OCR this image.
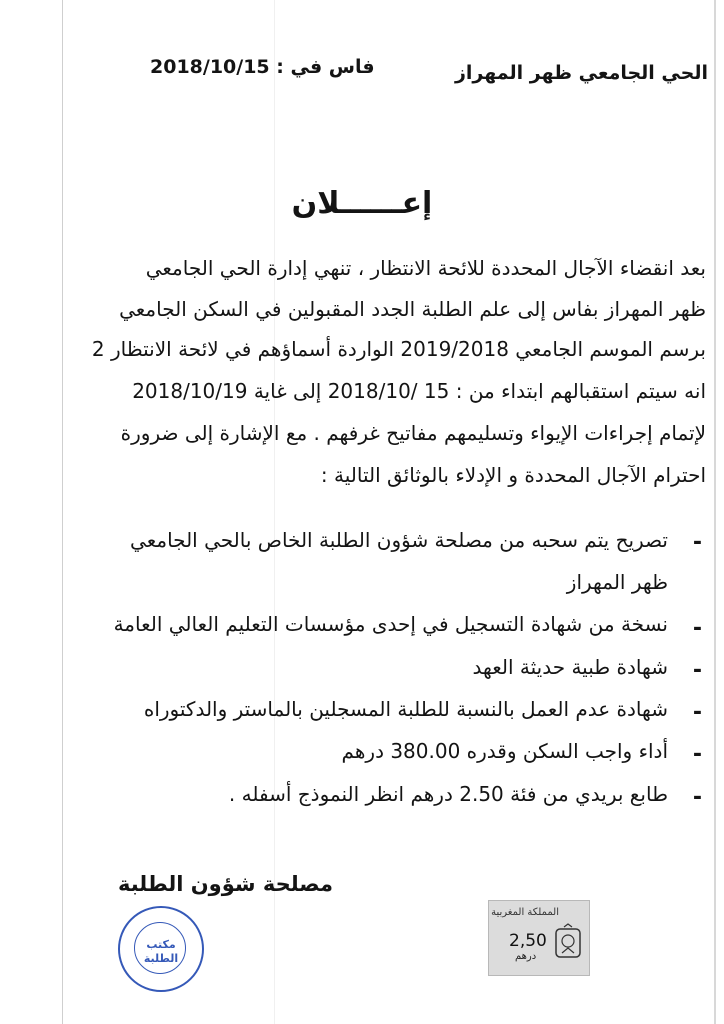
الحي الجامعي ظهر المهراز
فاس في : 2018/10/15
إعــــــلان
بعد انقضاء الآجال المحددة للائحة الانتظار ، تنهي إدارة الحي الجامعي
ظهر المهراز بفاس إلى علم الطلبة الجدد المقبولين في السكن الجامعي
برسم الموسم الجامعي 2019/2018 الواردة أسماؤهم في لائحة الانتظار 2
انه سيتم استقبالهم ابتداء من : 15 /2018/10 إلى غاية 2018/10/19
لإتمام إجراءات الإيواء وتسليمهم مفاتيح غرفهم . مع الإشارة إلى ضرورة
احترام الآجال المحددة و الإدلاء بالوثائق التالية :
-
تصريح يتم سحبه من مصلحة شؤون الطلبة الخاص بالحي الجامعي
ظهر المهراز
-
نسخة من شهادة التسجيل في إحدى مؤسسات التعليم العالي العامة
-
شهادة طبية حديثة العهد
-
شهادة عدم العمل بالنسبة للطلبة المسجلين بالماستر والدكتوراه
-
أداء واجب السكن وقدره 380.00 درهم
-
طابع بريدي من فئة 2.50 درهم انظر النموذج أسفله .
مصلحة شؤون الطلبة
مكتب
الطلبة
المملكة المغربية
2,50
درهم
